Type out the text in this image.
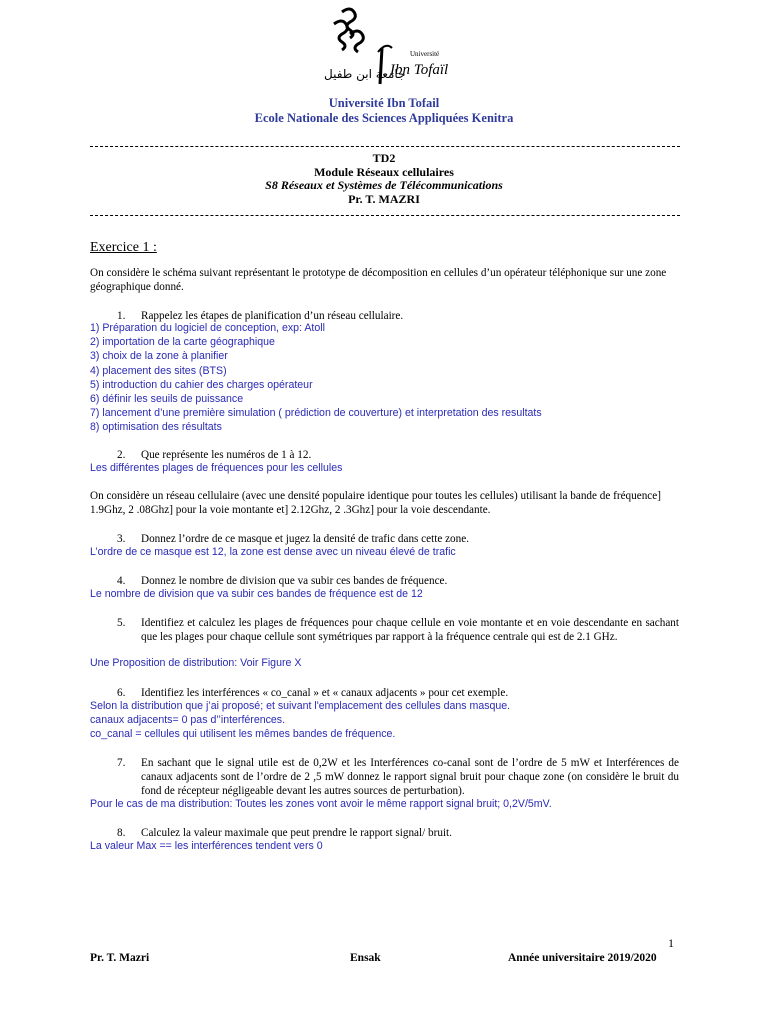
Université
Ibn Tofaïl
جامعة ابن طفيل
Université Ibn Tofail
Ecole Nationale des Sciences Appliquées Kenitra
TD2
Module Réseaux cellulaires
S8 Réseaux et Systèmes de Télécommunications
Pr. T. MAZRI
Exercice 1 :
On considère le schéma suivant représentant le prototype de décomposition en cellules d’un opérateur téléphonique sur une zone géographique donné.
1. Rappelez les étapes de planification d’un réseau cellulaire.
1) Préparation du logiciel de conception, exp: Atoll
2) importation de la carte géographique
3) choix de la zone à planifier
4) placement des sites (BTS)
5) introduction du cahier des charges opérateur
6) définir les seuils de puissance
7) lancement d’une première simulation ( prédiction de couverture) et interpretation des resultats
8) optimisation des résultats
2. Que représente les numéros de 1 à 12.
Les différentes plages de fréquences pour les cellules
On considère un réseau cellulaire (avec une densité populaire identique pour toutes les cellules) utilisant la bande de fréquence] 1.9Ghz, 2 .08Ghz] pour la voie montante et] 2.12Ghz, 2 .3Ghz] pour la voie descendante.
3. Donnez l’ordre de ce masque et jugez la densité de trafic dans cette zone.
L’ordre de ce masque est 12, la zone est dense avec un niveau élevé de trafic
4. Donnez le nombre de division que va subir ces bandes de fréquence.
Le nombre de division que va subir ces bandes de fréquence est de 12
5. Identifiez et calculez les plages de fréquences pour chaque cellule en voie montante et en voie descendante en sachant que les plages pour chaque cellule sont symétriques par rapport à la fréquence centrale qui est de 2.1 GHz.
Une Proposition de distribution: Voir Figure X
6. Identifiez les interférences « co_canal » et « canaux adjacents » pour cet exemple.
Selon la distribution que j’ai proposé; et suivant l'emplacement des cellules dans masque.
canaux adjacents= 0 pas d’’interférences.
co_canal = cellules qui utilisent les mêmes bandes de fréquence.
7. En sachant que le signal utile est de 0,2W et les Interférences co-canal sont de l’ordre de 5 mW et Interférences de canaux adjacents sont de l’ordre de 2 ,5 mW donnez le rapport signal bruit pour chaque zone (on considère le bruit du fond de récepteur négligeable devant les autres sources de perturbation).
Pour le cas de ma distribution: Toutes les zones vont avoir le même rapport signal bruit; 0,2V/5mV.
8. Calculez la valeur maximale que peut prendre le rapport signal/ bruit.
La valeur Max == les interférences tendent vers 0
1
Pr. T. Mazri	Ensak	Année universitaire 2019/2020
